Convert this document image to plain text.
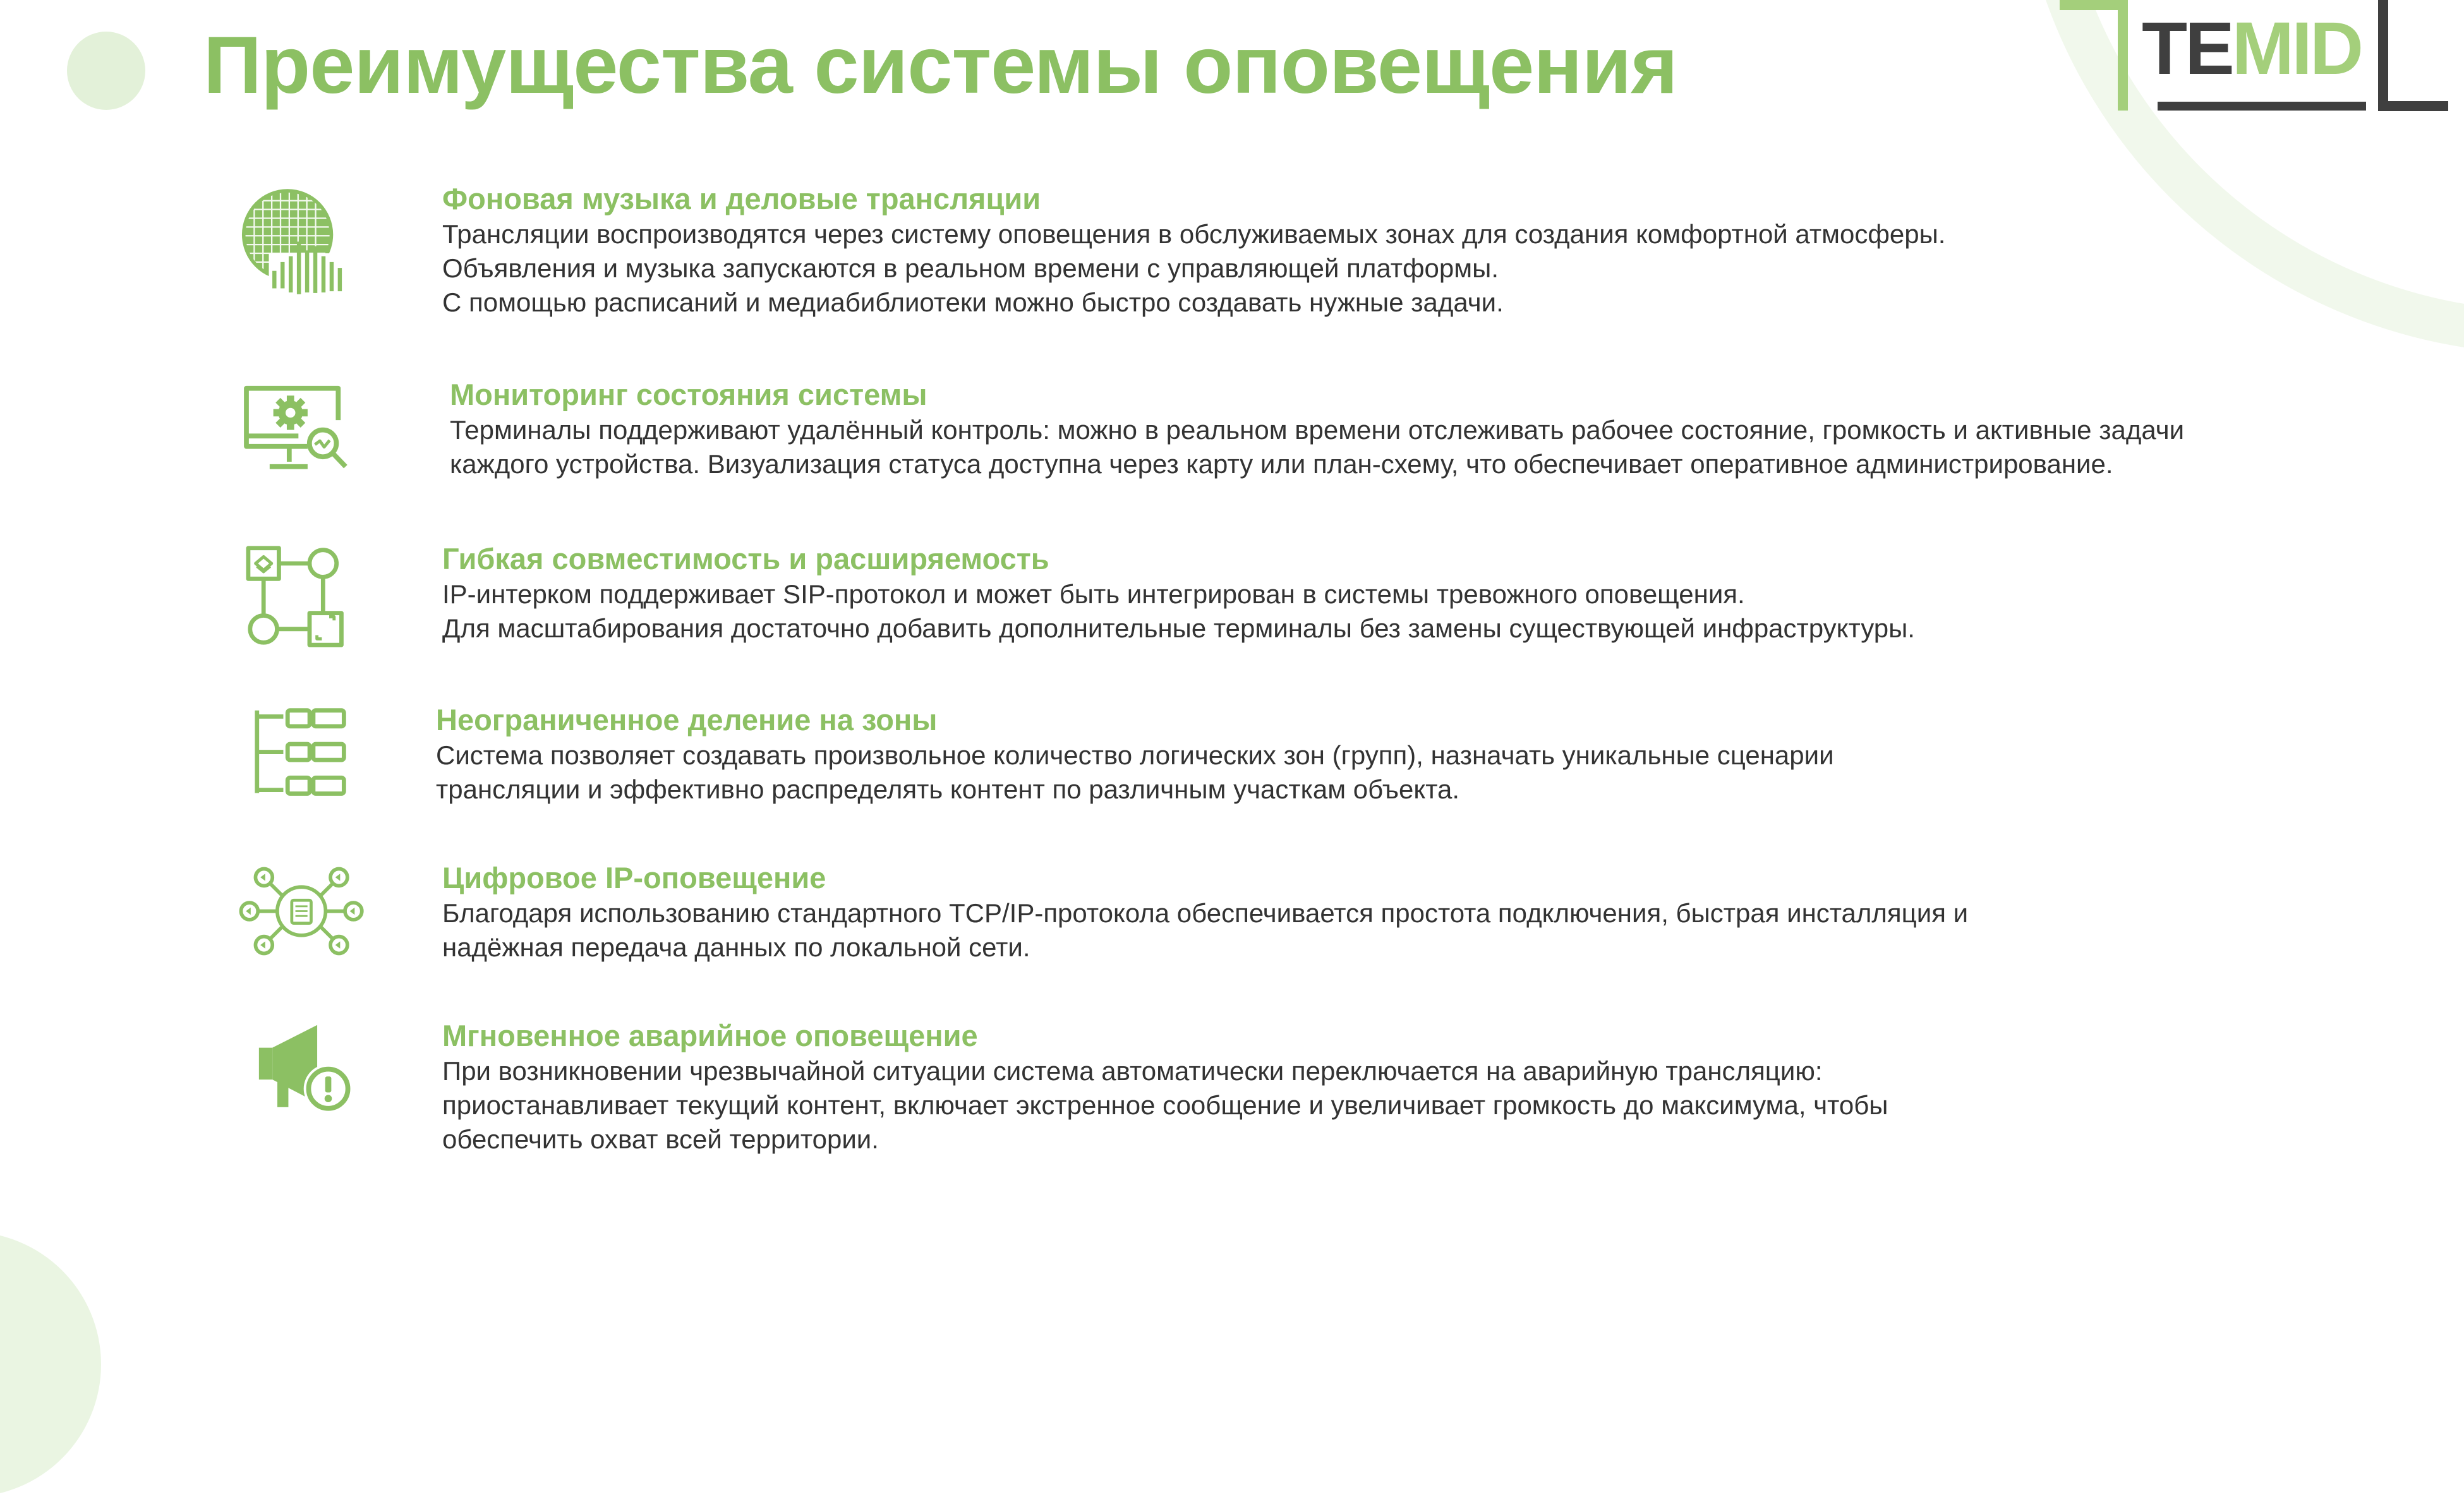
Преимущества системы оповещения	TEMID
Фоновая музыка и деловые трансляции
Трансляции воспроизводятся через систему оповещения в обслуживаемых зонах для создания комфортной атмосферы.
Объявления и музыка запускаются в реальном времени с управляющей платформы.
С помощью расписаний и медиабиблиотеки можно быстро создавать нужные задачи.
Мониторинг состояния системы
Терминалы поддерживают удалённый контроль: можно в реальном времени отслеживать рабочее состояние, громкость и активные задачи
каждого устройства. Визуализация статуса доступна через карту или план-схему, что обеспечивает оперативное администрирование.
Гибкая совместимость и расширяемость
IP-интерком поддерживает SIP-протокол и может быть интегрирован в системы тревожного оповещения.
Для масштабирования достаточно добавить дополнительные терминалы без замены существующей инфраструктуры.
Неограниченное деление на зоны
Система позволяет создавать произвольное количество логических зон (групп), назначать уникальные сценарии
трансляции и эффективно распределять контент по различным участкам объекта.
Цифровое IP-оповещение
Благодаря использованию стандартного TCP/IP-протокола обеспечивается простота подключения, быстрая инсталляция и
надёжная передача данных по локальной сети.
Мгновенное аварийное оповещение
При возникновении чрезвычайной ситуации система автоматически переключается на аварийную трансляцию:
приостанавливает текущий контент, включает экстренное сообщение и увеличивает громкость до максимума, чтобы
обеспечить охват всей территории.
